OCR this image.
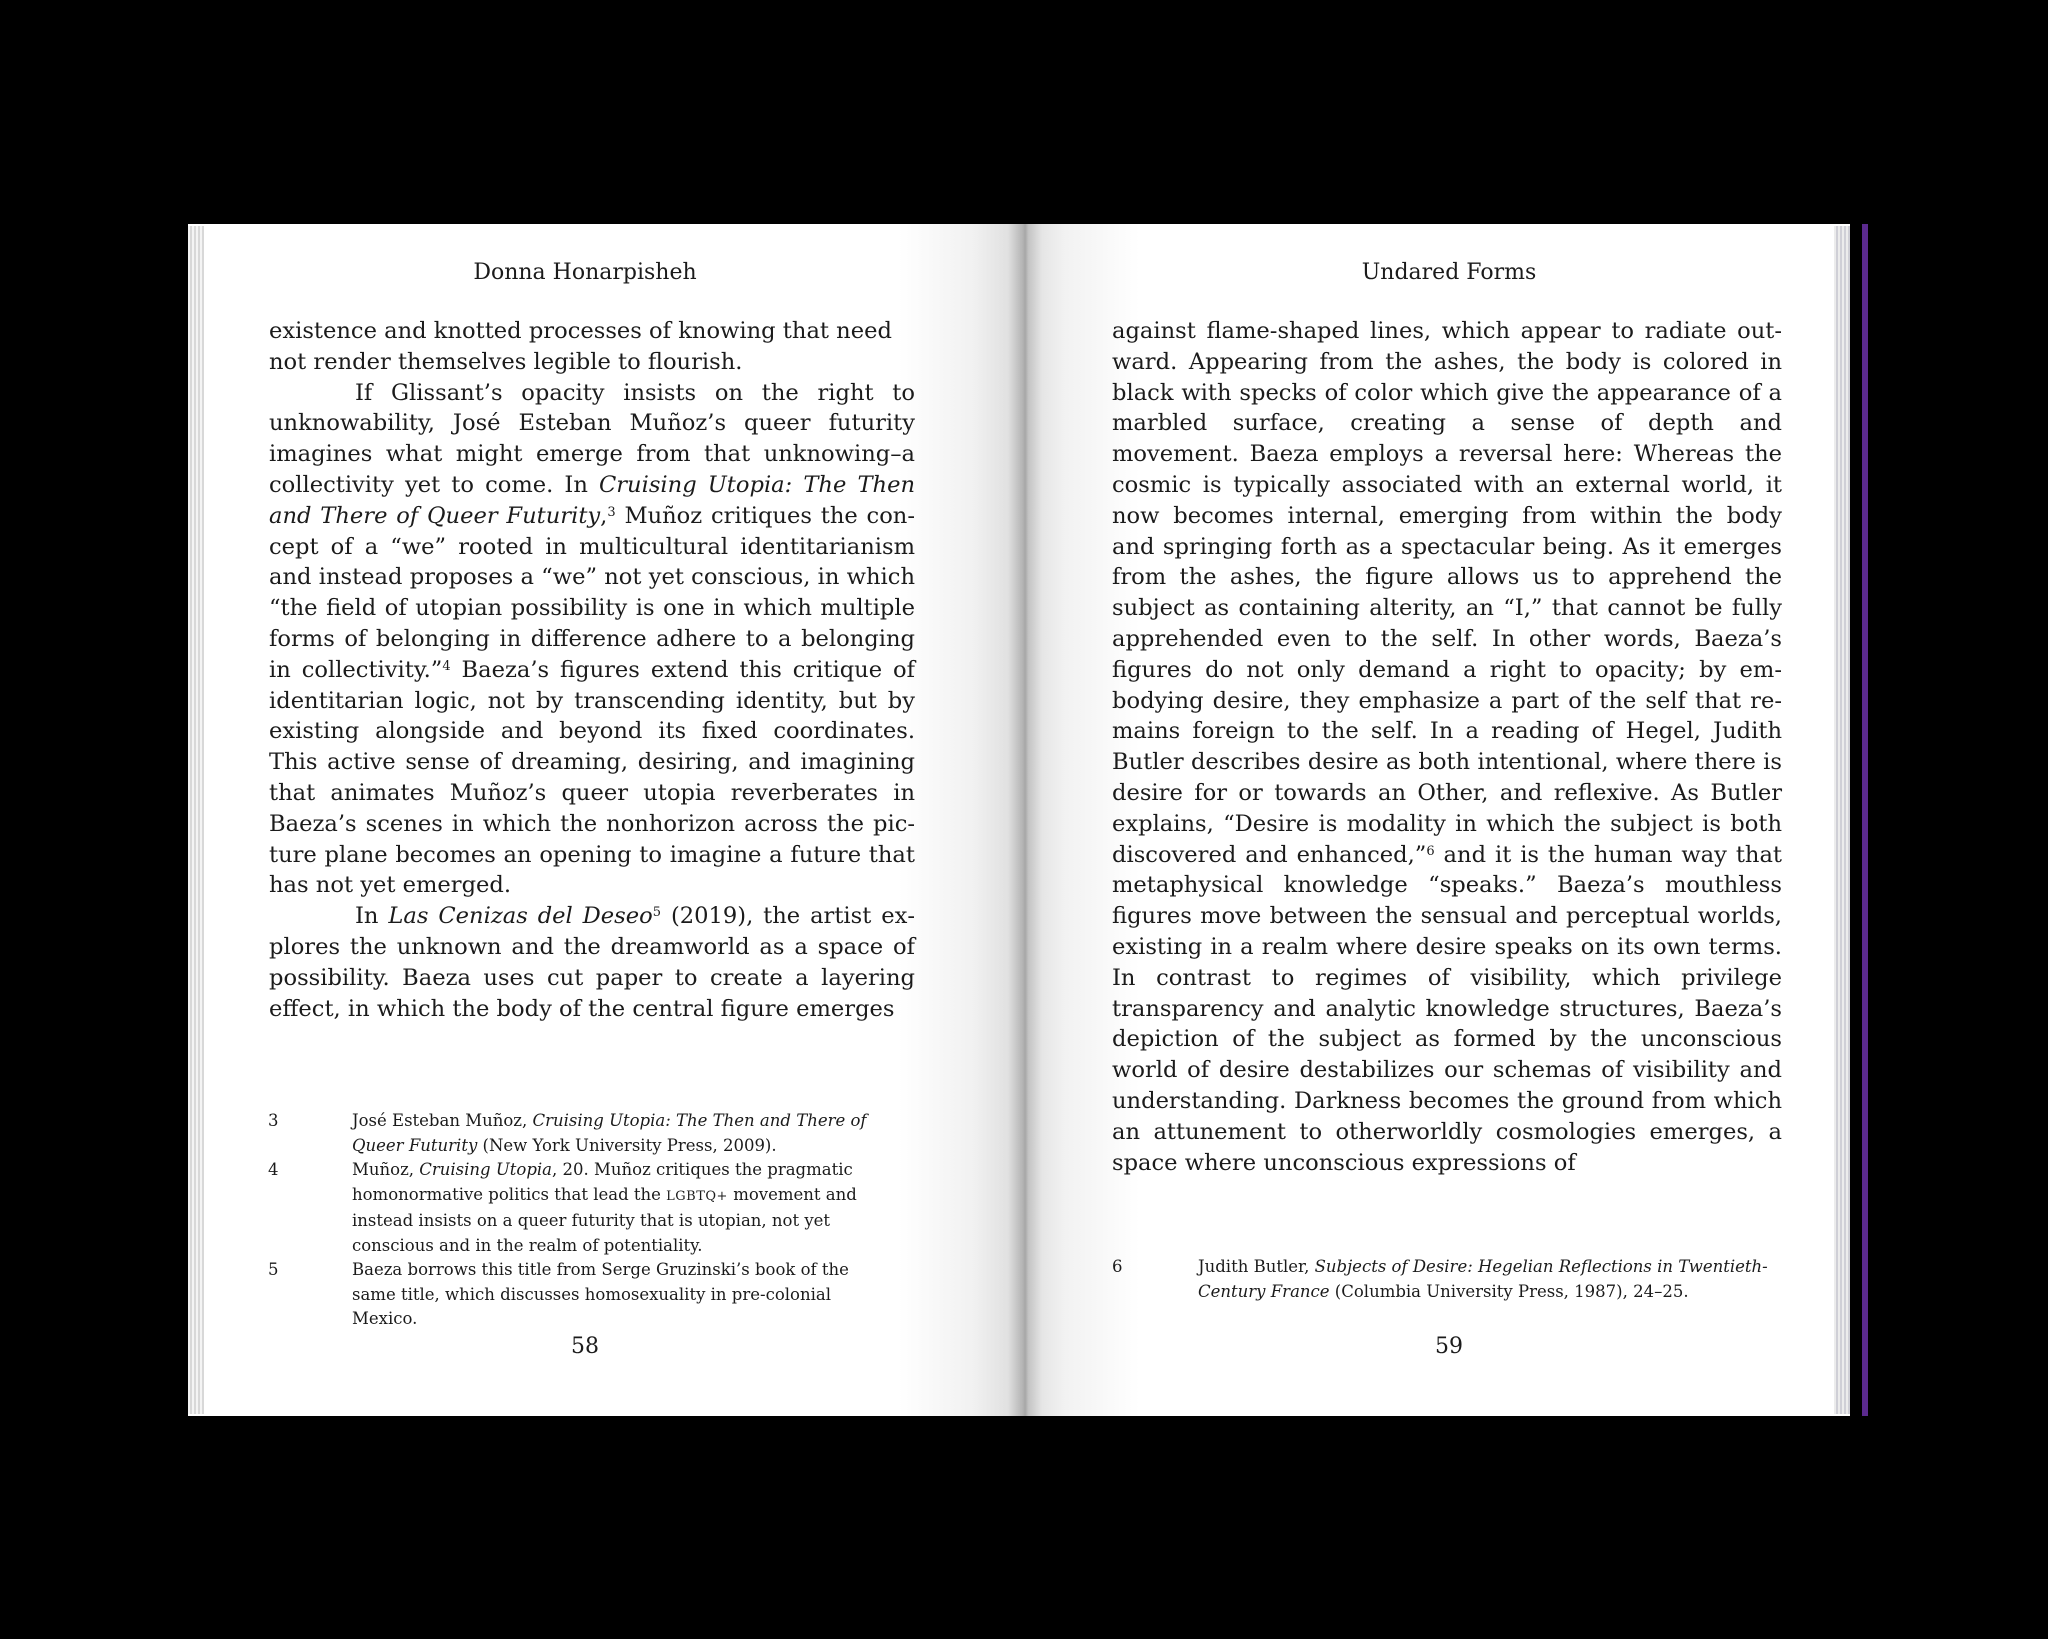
Donna Honarpisheh

existence and knotted processes of knowing that need
not render themselves legible to flourish.

If Glissant’s opacity insists on the right to unknowability, José Esteban Muñoz’s queer futurity imagines what might emerge from that unknowing–a collectivity yet to come. In Cruising Utopia: The Then and There of Queer Futurity,$^3$ Muñoz critiques the concept of a “we” rooted in multicultural identitarianism and instead proposes a “we” not yet conscious, in which “the field of utopian possibility is one in which multiple forms of belonging in difference adhere to a belonging in collectivity.”$^4$ Baeza’s figures extend this critique of identitarian logic, not by transcending identity, but by existing alongside and beyond its fixed coordinates. This active sense of dreaming, desiring, and imagining that animates Muñoz’s queer utopia reverberates in Baeza’s scenes in which the nonhorizon across the picture plane becomes an opening to imagine a future that has not yet emerged.

In Las Cenizas del Deseo$^5$ (2019), the artist explores the unknown and the dreamworld as a space of possibility. Baeza uses cut paper to create a layering effect, in which the body of the central figure emerges

3	José Esteban Muñoz, Cruising Utopia: The Then and There of Queer Futurity (New York University Press, 2009).
4	Muñoz, Cruising Utopia, 20. Muñoz critiques the pragmatic homonormative politics that lead the LGBTQ+ movement and instead insists on a queer futurity that is utopian, not yet conscious and in the realm of potentiality.
5	Baeza borrows this title from Serge Gruzinski’s book of the same title, which discusses homosexuality in pre-colonial Mexico.
58
Undared Forms

against flame-shaped lines, which appear to radiate outward. Appearing from the ashes, the body is colored in black with specks of color which give the appearance of a marbled surface, creating a sense of depth and movement. Baeza employs a reversal here: Whereas the cosmic is typically associated with an external world, it now becomes internal, emerging from within the body and springing forth as a spectacular being. As it emerges from the ashes, the figure allows us to apprehend the subject as containing alterity, an “I,” that cannot be fully apprehended even to the self. In other words, Baeza’s figures do not only demand a right to opacity; by embodying desire, they emphasize a part of the self that remains foreign to the self. In a reading of Hegel, Judith Butler describes desire as both intentional, where there is desire for or towards an Other, and reflexive. As Butler explains, “Desire is modality in which the subject is both discovered and enhanced,”$^6$ and it is the human way that metaphysical knowledge “speaks.” Baeza’s mouthless figures move between the sensual and perceptual worlds, existing in a realm where desire speaks on its own terms. In contrast to regimes of visibility, which privilege transparency and analytic knowledge structures, Baeza’s depiction of the subject as formed by the unconscious world of desire destabilizes our schemas of visibility and understanding. Darkness becomes the ground from which an attunement to otherworldly cosmologies emerges, a space where unconscious expressions of

6	Judith Butler, Subjects of Desire: Hegelian Reflections in Twentieth-Century France (Columbia University Press, 1987), 24–25.
59
